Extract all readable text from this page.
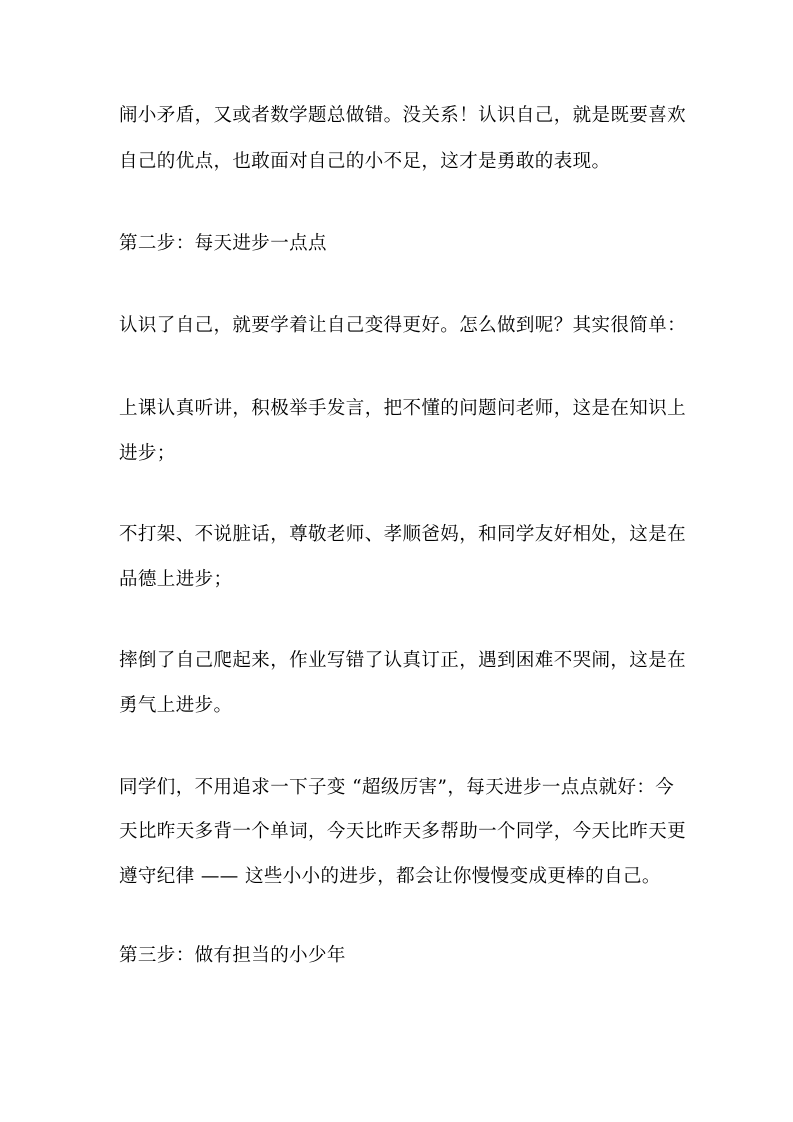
闹小矛盾，又或者数学题总做错。没关系！认识自己，就是既要喜欢

自己的优点，也敢面对自己的小不足，这才是勇敢的表现。

第二步：每天进步一点点

认识了自己，就要学着让自己变得更好。怎么做到呢？其实很简单：

上课认真听讲，积极举手发言，把不懂的问题问老师，这是在知识上

进步；

不打架、不说脏话，尊敬老师、孝顺爸妈，和同学友好相处，这是在

品德上进步；

摔倒了自己爬起来，作业写错了认真订正，遇到困难不哭闹，这是在

勇气上进步。

同学们，不用追求一下子变 “超级厉害”，每天进步一点点就好：今

天比昨天多背一个单词，今天比昨天多帮助一个同学，今天比昨天更

遵守纪律 —— 这些小小的进步，都会让你慢慢变成更棒的自己。

第三步：做有担当的小少年
